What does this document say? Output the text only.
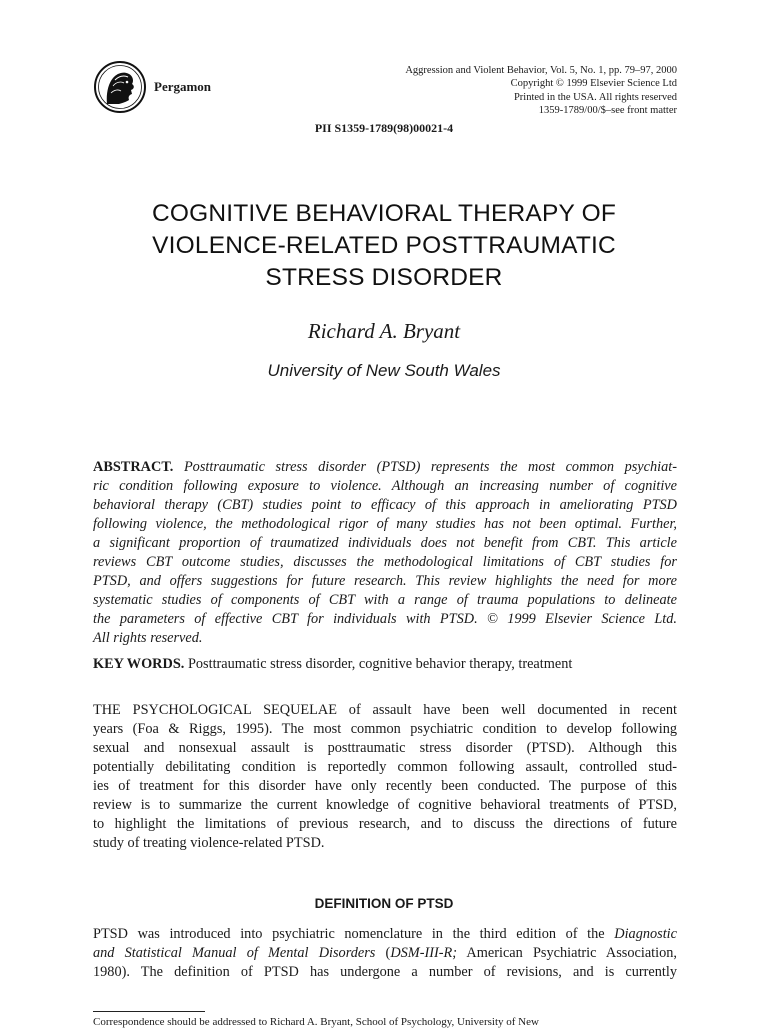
Pergamon
Aggression and Violent Behavior, Vol. 5, No. 1, pp. 79–97, 2000
Copyright © 1999 Elsevier Science Ltd
Printed in the USA. All rights reserved
1359-1789/00/$–see front matter
PII S1359-1789(98)00021-4
COGNITIVE BEHAVIORAL THERAPY OF
VIOLENCE-RELATED POSTTRAUMATIC
STRESS DISORDER
Richard A. Bryant
University of New South Wales
ABSTRACT. Posttraumatic stress disorder (PTSD) represents the most common psychiat-
ric condition following exposure to violence. Although an increasing number of cognitive
behavioral therapy (CBT) studies point to efficacy of this approach in ameliorating PTSD
following violence, the methodological rigor of many studies has not been optimal. Further,
a significant proportion of traumatized individuals does not benefit from CBT. This article
reviews CBT outcome studies, discusses the methodological limitations of CBT studies for
PTSD, and offers suggestions for future research. This review highlights the need for more
systematic studies of components of CBT with a range of trauma populations to delineate
the parameters of effective CBT for individuals with PTSD. © 1999 Elsevier Science Ltd.
All rights reserved.
KEY WORDS. Posttraumatic stress disorder, cognitive behavior therapy, treatment
THE PSYCHOLOGICAL SEQUELAE of assault have been well documented in recent
years (Foa & Riggs, 1995). The most common psychiatric condition to develop following
sexual and nonsexual assault is posttraumatic stress disorder (PTSD). Although this
potentially debilitating condition is reportedly common following assault, controlled stud-
ies of treatment for this disorder have only recently been conducted. The purpose of this
review is to summarize the current knowledge of cognitive behavioral treatments of PTSD,
to highlight the limitations of previous research, and to discuss the directions of future
study of treating violence-related PTSD.
DEFINITION OF PTSD
PTSD was introduced into psychiatric nomenclature in the third edition of the Diagnostic
and Statistical Manual of Mental Disorders (DSM-III-R; American Psychiatric Association,
1980). The definition of PTSD has undergone a number of revisions, and is currently
Correspondence should be addressed to Richard A. Bryant, School of Psychology, University of New
